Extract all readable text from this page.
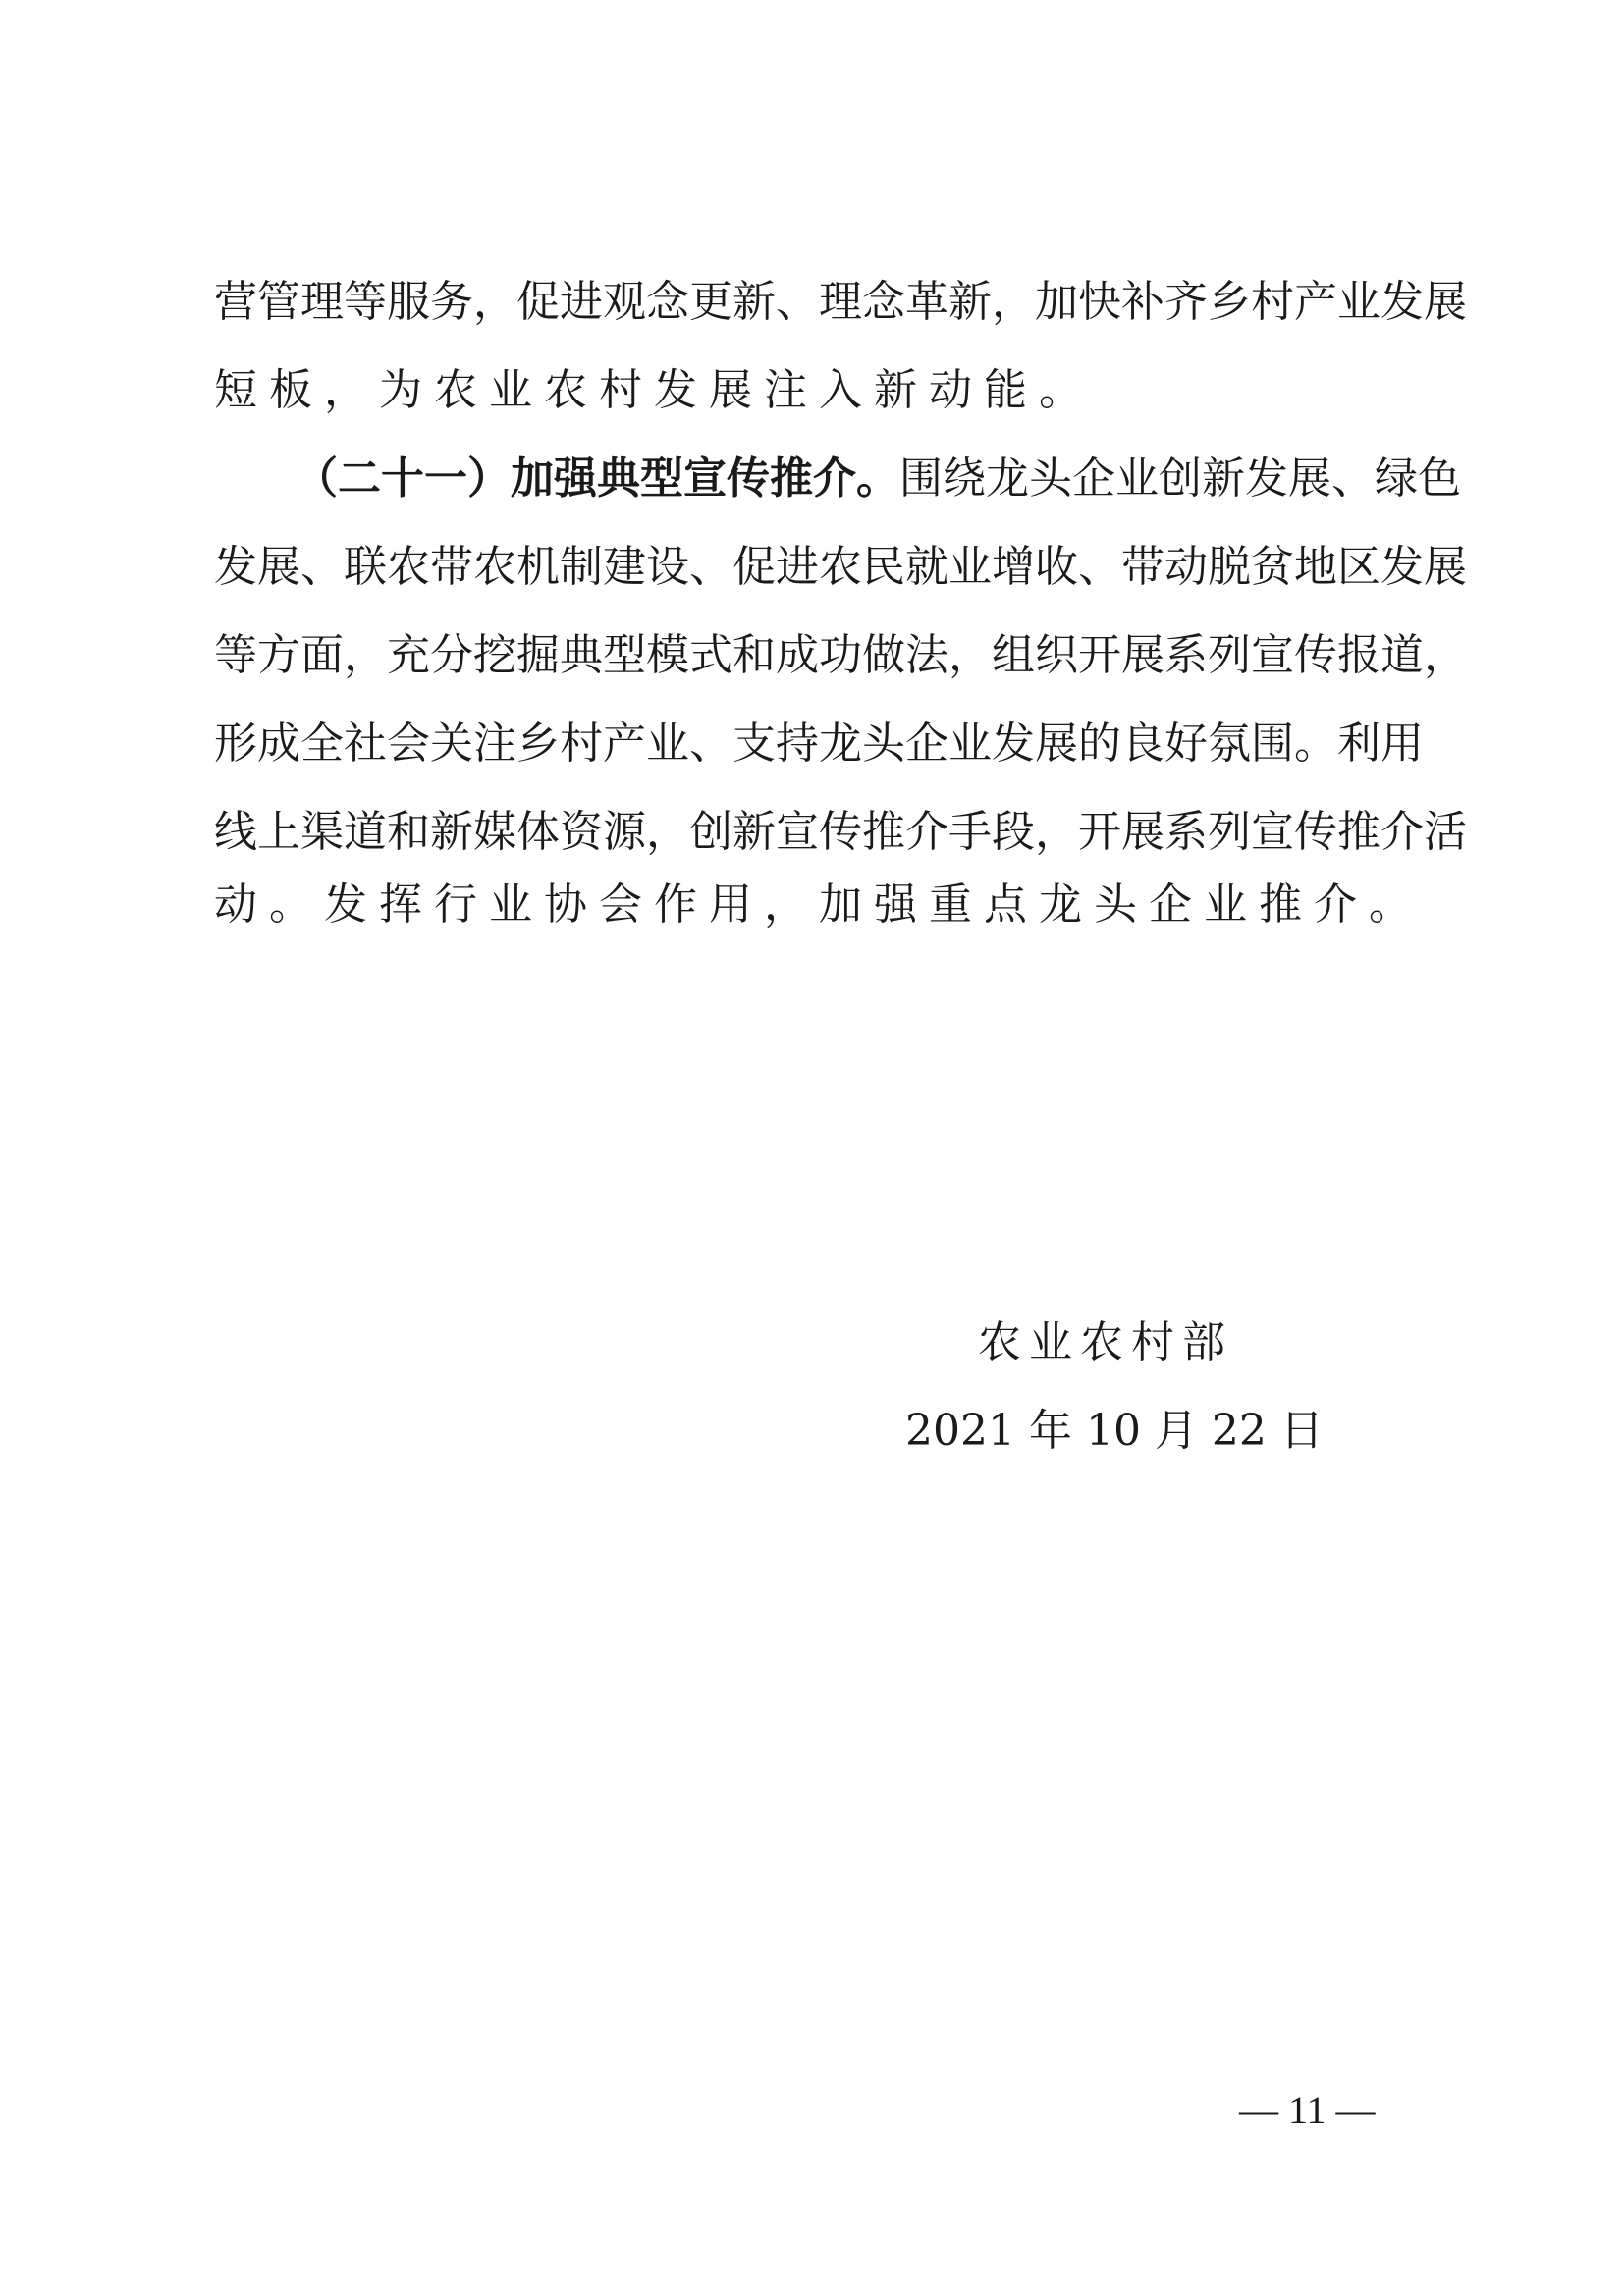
营管理等服务，促进观念更新、理念革新，加快补齐乡村产业发展
短板，为农业农村发展注入新动能。
（二十一）加强典型宣传推介。围绕龙头企业创新发展、绿色
发展、联农带农机制建设、促进农民就业增收、带动脱贫地区发展
等方面，充分挖掘典型模式和成功做法，组织开展系列宣传报道，
形成全社会关注乡村产业、支持龙头企业发展的良好氛围。利用
线上渠道和新媒体资源，创新宣传推介手段，开展系列宣传推介活
动。发挥行业协会作用，加强重点龙头企业推介。
农业农村部
2021 年 10 月 22 日
— 11 —
